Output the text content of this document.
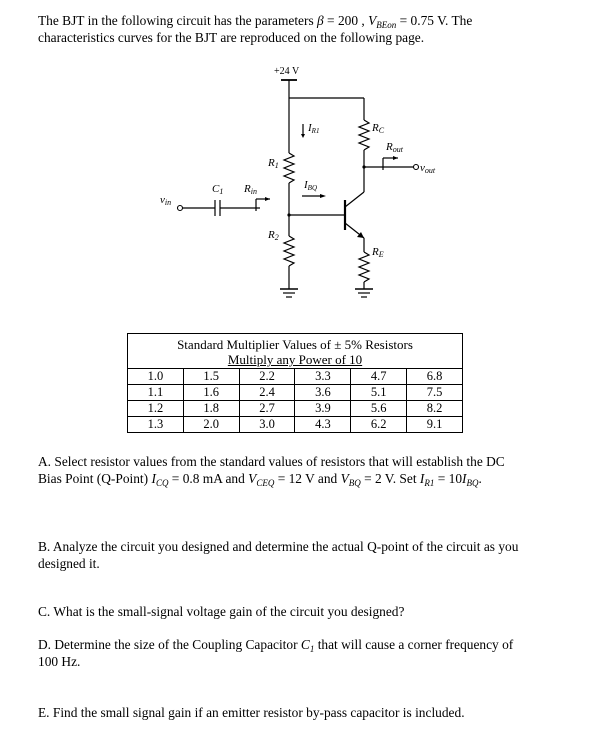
The BJT in the following circuit has the parameters β = 200 , $V_{BEon} = 0.75$ V. The
characteristics curves for the BJT are reproduced on the following page.

+24 V
R1
R2
RC
RE
C1 Rin
Rout
IR1
IBQ
vin
vout
Standard Multiplier Values of ± 5% Resistors
Multiply any Power of 10					
1.0	1.5	2.2	3.3	4.7	6.8
1.1	1.6	2.4	3.6	5.1	7.5
1.2	1.8	2.7	3.9	5.6	8.2
1.3	2.0	3.0	4.3	6.2	9.1

A. Select resistor values from the standard values of resistors that will establish the DC
Bias Point (Q-Point) $I_{CQ} = 0.8$ mA and $V_{CEQ} = 12$ V and $V_{BQ} = 2$ V. Set $I_{R1} = 10I_{BQ}$.

B. Analyze the circuit you designed and determine the actual Q-point of the circuit as you
designed it.

C. What is the small-signal voltage gain of the circuit you designed?

D. Determine the size of the Coupling Capacitor $C_1$ that will cause a corner frequency of
100 Hz.

E. Find the small signal gain if an emitter resistor by-pass capacitor is included.
